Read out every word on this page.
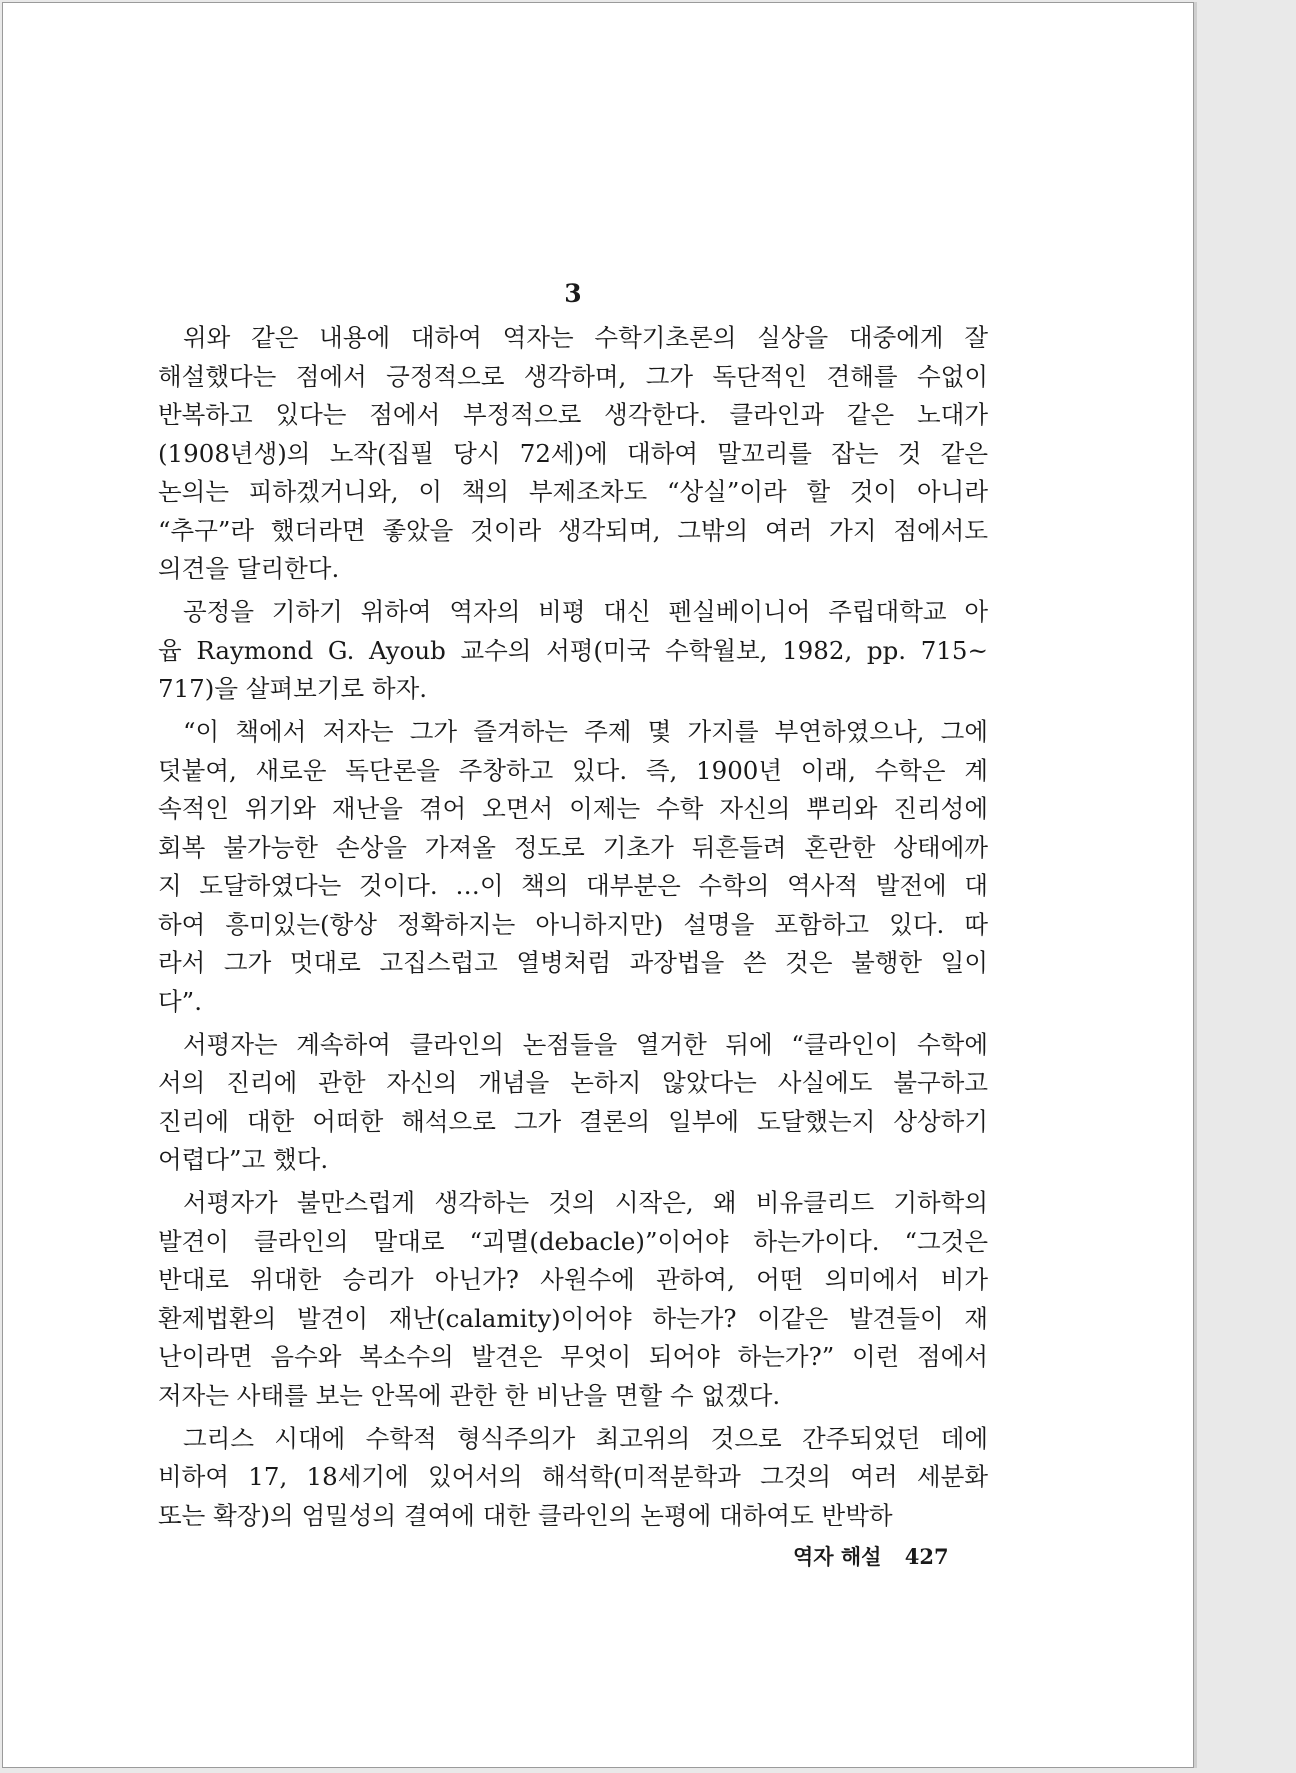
3
위와 같은 내용에 대하여 역자는 수학기초론의 실상을 대중에게 잘
해설했다는 점에서 긍정적으로 생각하며, 그가 독단적인 견해를 수없이
반복하고 있다는 점에서 부정적으로 생각한다. 클라인과 같은 노대가
(1908년생)의 노작(집필 당시 72세)에 대하여 말꼬리를 잡는 것 같은
논의는 피하겠거니와, 이 책의 부제조차도 “상실”이라 할 것이 아니라
“추구”라 했더라면 좋았을 것이라 생각되며, 그밖의 여러 가지 점에서도
의견을 달리한다.
공정을 기하기 위하여 역자의 비평 대신 펜실베이니어 주립대학교 아
윱 Raymond G. Ayoub 교수의 서평(미국 수학월보, 1982, pp. 715~
717)을 살펴보기로 하자.
“이 책에서 저자는 그가 즐겨하는 주제 몇 가지를 부연하였으나, 그에
덧붙여, 새로운 독단론을 주창하고 있다. 즉, 1900년 이래, 수학은 계
속적인 위기와 재난을 겪어 오면서 이제는 수학 자신의 뿌리와 진리성에
회복 불가능한 손상을 가져올 정도로 기초가 뒤흔들려 혼란한 상태에까
지 도달하였다는 것이다. …이 책의 대부분은 수학의 역사적 발전에 대
하여 흥미있는(항상 정확하지는 아니하지만) 설명을 포함하고 있다. 따
라서 그가 멋대로 고집스럽고 열병처럼 과장법을 쓴 것은 불행한 일이
다”.
서평자는 계속하여 클라인의 논점들을 열거한 뒤에 “클라인이 수학에
서의 진리에 관한 자신의 개념을 논하지 않았다는 사실에도 불구하고
진리에 대한 어떠한 해석으로 그가 결론의 일부에 도달했는지 상상하기
어렵다”고 했다.
서평자가 불만스럽게 생각하는 것의 시작은, 왜 비유클리드 기하학의
발견이 클라인의 말대로 “괴멸(debacle)”이어야 하는가이다. “그것은
반대로 위대한 승리가 아닌가? 사원수에 관하여, 어떤 의미에서 비가
환제법환의 발견이 재난(calamity)이어야 하는가? 이같은 발견들이 재
난이라면 음수와 복소수의 발견은 무엇이 되어야 하는가?” 이런 점에서
저자는 사태를 보는 안목에 관한 한 비난을 면할 수 없겠다.
그리스 시대에 수학적 형식주의가 최고위의 것으로 간주되었던 데에
비하여 17, 18세기에 있어서의 해석학(미적분학과 그것의 여러 세분화
또는 확장)의 엄밀성의 결여에 대한 클라인의 논평에 대하여도 반박하
역자 해설 427
